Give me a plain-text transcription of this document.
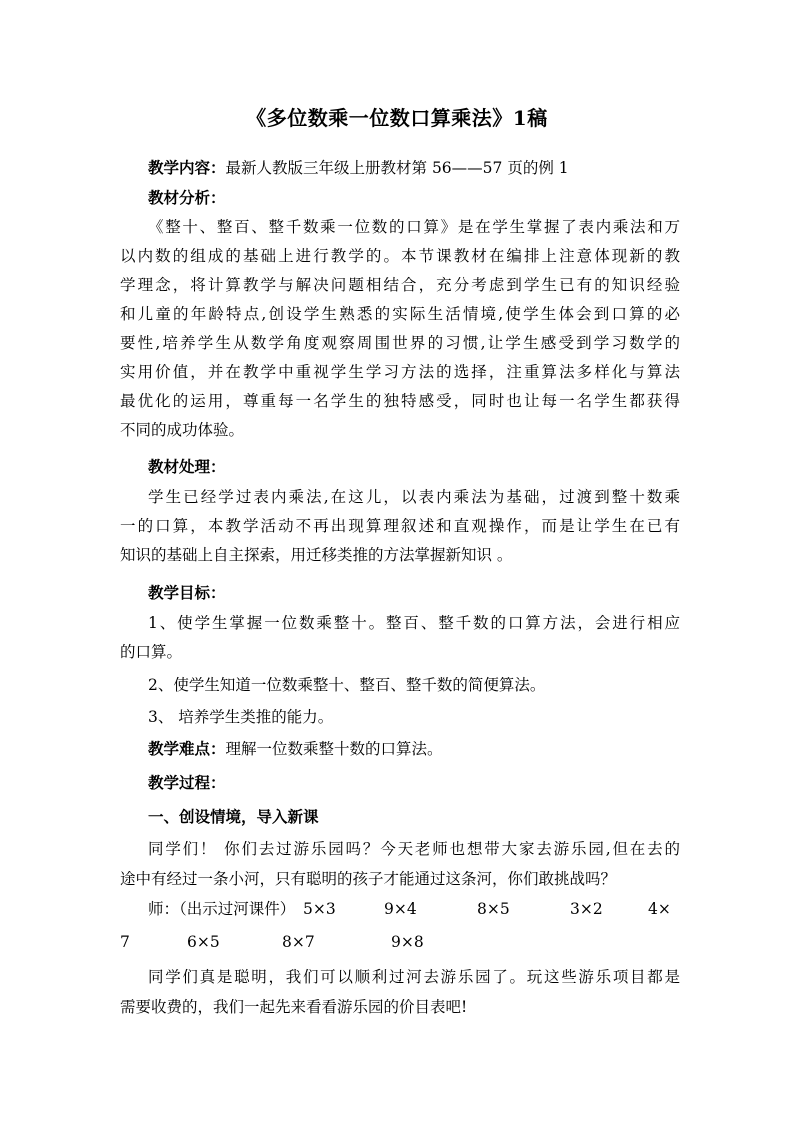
《多位数乘一位数口算乘法》1稿
教学内容：最新人教版三年级上册教材第 56——57 页的例 1
教材分析：
《整十、整百、整千数乘一位数的口算》是在学生掌握了表内乘法和万
以内数的组成的基础上进行教学的。本节课教材在编排上注意体现新的教
学理念，将计算教学与解决问题相结合，充分考虑到学生已有的知识经验
和儿童的年龄特点,创设学生熟悉的实际生活情境,使学生体会到口算的必
要性,培养学生从数学角度观察周围世界的习惯,让学生感受到学习数学的
实用价值，并在教学中重视学生学习方法的选择，注重算法多样化与算法
最优化的运用，尊重每一名学生的独特感受，同时也让每一名学生都获得
不同的成功体验。
教材处理：
学生已经学过表内乘法,在这儿，以表内乘法为基础，过渡到整十数乘
一的口算，本教学活动不再出现算理叙述和直观操作，而是让学生在已有
知识的基础上自主探索，用迁移类推的方法掌握新知识 。
教学目标：
1、使学生掌握一位数乘整十。整百、整千数的口算方法，会进行相应
的口算。
2、使学生知道一位数乘整十、整百、整千数的简便算法。
3、 培养学生类推的能力。
教学难点：理解一位数乘整十数的口算法。
教学过程：
一、创设情境，导入新课
同学们！ 你们去过游乐园吗？今天老师也想带大家去游乐园,但在去的
途中有经过一条小河，只有聪明的孩子才能通过这条河，你们敢挑战吗？
师：（出示过河课件） 5×3	9×4	8×5	3×2	4×
7	6×5	8×7	9×8
同学们真是聪明，我们可以顺利过河去游乐园了。玩这些游乐项目都是
需要收费的，我们一起先来看看游乐园的价目表吧!
